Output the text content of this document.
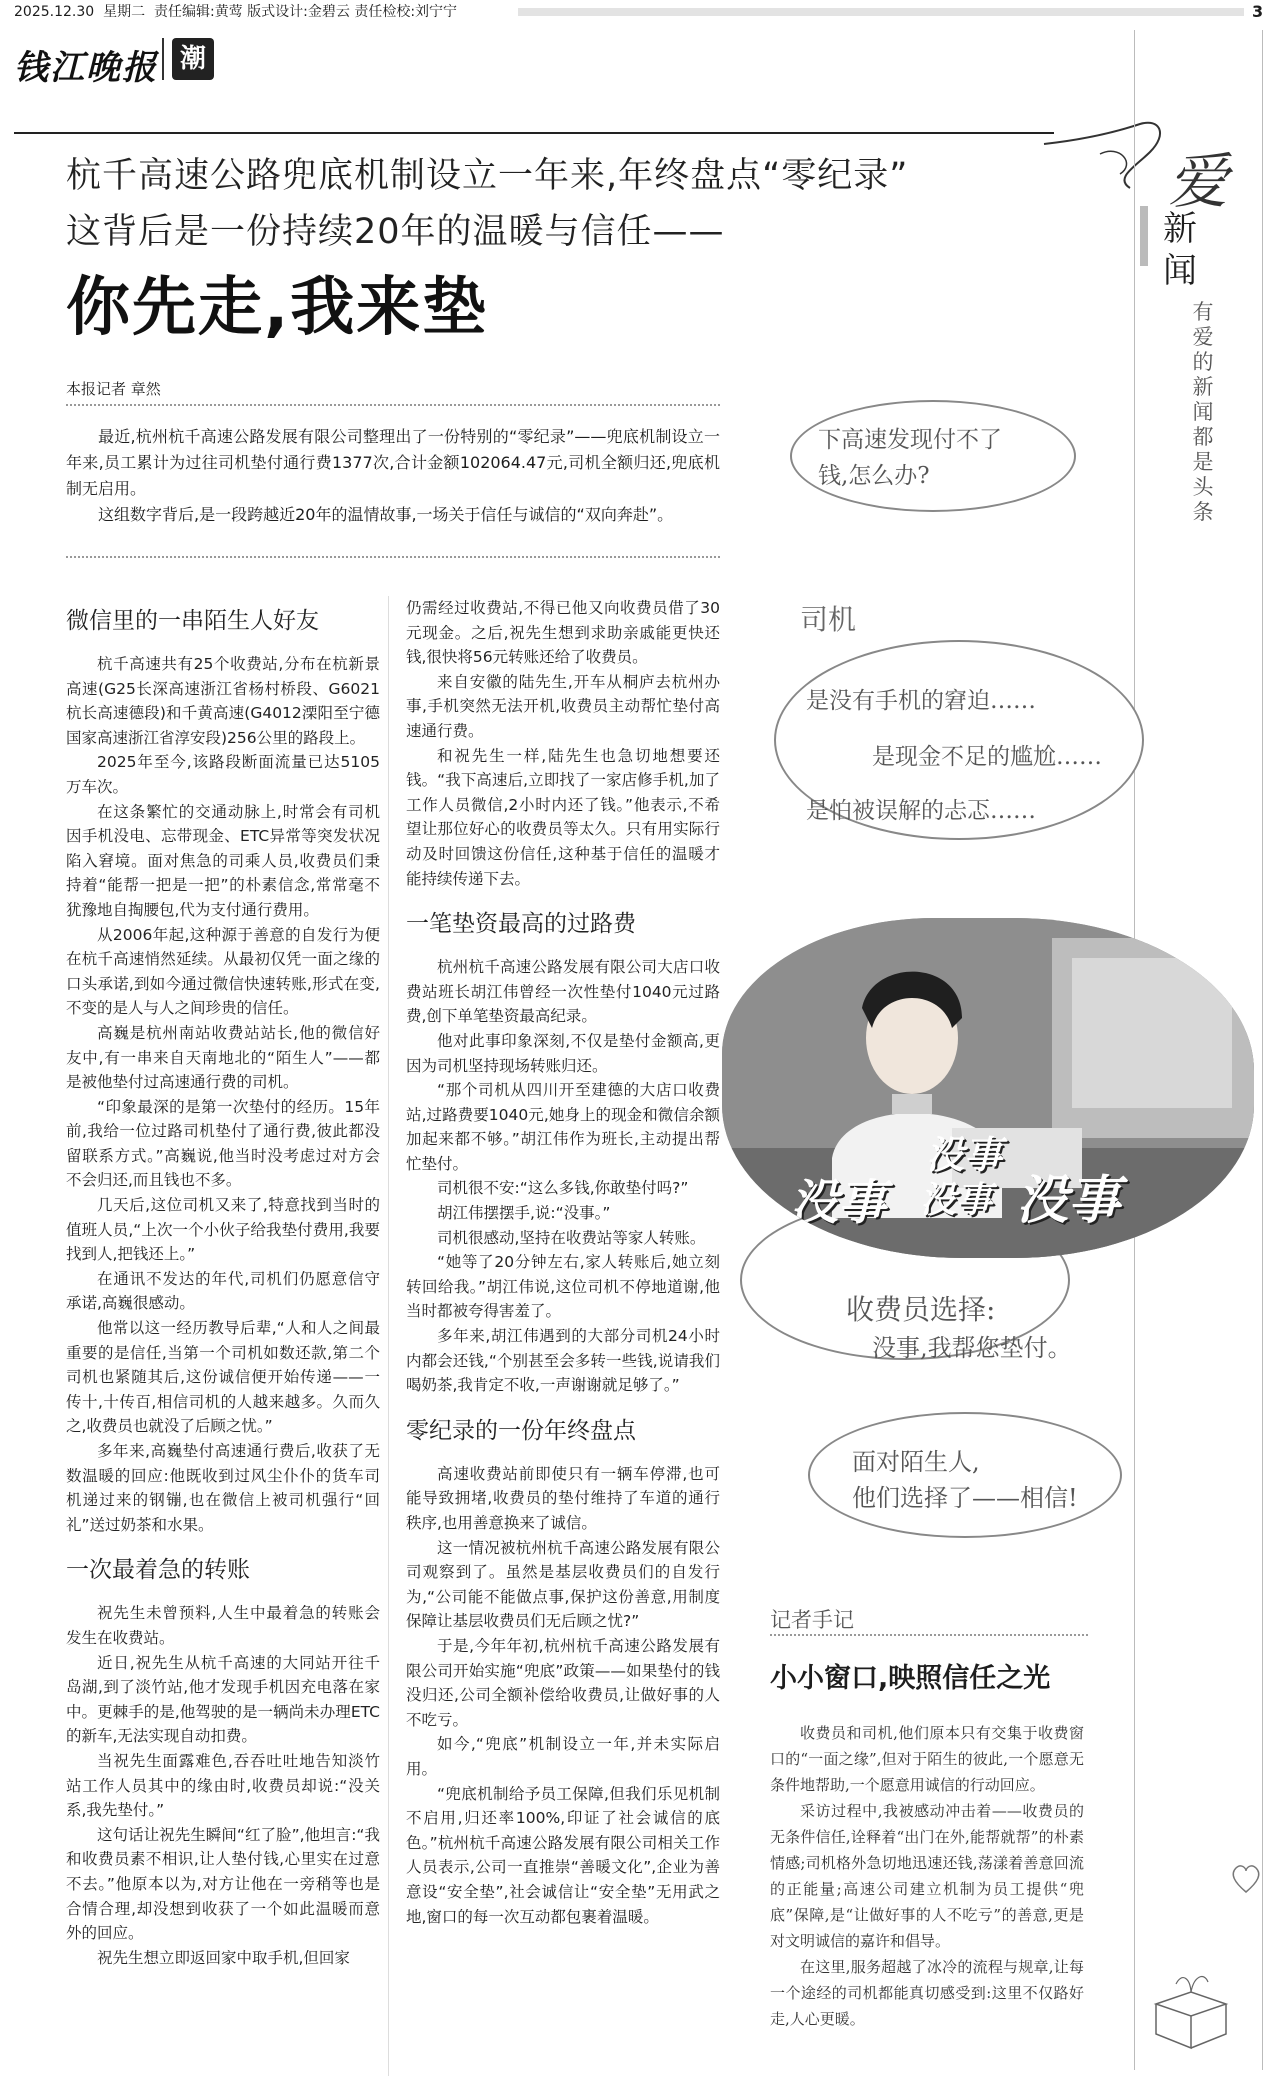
2025.12.30 星期二 责任编辑:黄莺 版式设计:金碧云 责任检校:刘宁宁	3
钱江晚报 潮
爱
新闻
有爱的新闻 都是头条
杭千高速公路兜底机制设立一年来,年终盘点“零纪录”
这背后是一份持续20年的温暖与信任——
你先走,我来垫
本报记者 章然

最近,杭州杭千高速公路发展有限公司整理出了一份特别的“零纪录”——兜底机制设立一年来,员工累计为过往司机垫付通行费1377次,合计金额102064.47元,司机全额归还,兜底机制无启用。

这组数字背后,是一段跨越近20年的温情故事,一场关于信任与诚信的“双向奔赴”。

微信里的一串陌生人好友

杭千高速共有25个收费站,分布在杭新景高速(G25长深高速浙江省杨村桥段、G6021杭长高速德段)和千黄高速(G4012溧阳至宁德国家高速浙江省淳安段)256公里的路段上。

2025年至今,该路段断面流量已达5105万车次。

在这条繁忙的交通动脉上,时常会有司机因手机没电、忘带现金、ETC异常等突发状况陷入窘境。面对焦急的司乘人员,收费员们秉持着“能帮一把是一把”的朴素信念,常常毫不犹豫地自掏腰包,代为支付通行费用。

从2006年起,这种源于善意的自发行为便在杭千高速悄然延续。从最初仅凭一面之缘的口头承诺,到如今通过微信快速转账,形式在变,不变的是人与人之间珍贵的信任。

高巍是杭州南站收费站站长,他的微信好友中,有一串来自天南地北的“陌生人”——都是被他垫付过高速通行费的司机。

“印象最深的是第一次垫付的经历。15年前,我给一位过路司机垫付了通行费,彼此都没留联系方式。”高巍说,他当时没考虑过对方会不会归还,而且钱也不多。

几天后,这位司机又来了,特意找到当时的值班人员,“上次一个小伙子给我垫付费用,我要找到人,把钱还上。”

在通讯不发达的年代,司机们仍愿意信守承诺,高巍很感动。

他常以这一经历教导后辈,“人和人之间最重要的是信任,当第一个司机如数还款,第二个司机也紧随其后,这份诚信便开始传递——一传十,十传百,相信司机的人越来越多。久而久之,收费员也就没了后顾之忧。”

多年来,高巍垫付高速通行费后,收获了无数温暖的回应:他既收到过风尘仆仆的货车司机递过来的钢镚,也在微信上被司机强行“回礼”送过奶茶和水果。

一次最着急的转账

祝先生未曾预料,人生中最着急的转账会发生在收费站。

近日,祝先生从杭千高速的大同站开往千岛湖,到了淡竹站,他才发现手机因充电落在家中。更棘手的是,他驾驶的是一辆尚未办理ETC的新车,无法实现自动扣费。

当祝先生面露难色,吞吞吐吐地告知淡竹站工作人员其中的缘由时,收费员却说:“没关系,我先垫付。”

这句话让祝先生瞬间“红了脸”,他坦言:“我和收费员素不相识,让人垫付钱,心里实在过意不去。”他原本以为,对方让他在一旁稍等也是合情合理,却没想到收获了一个如此温暖而意外的回应。

祝先生想立即返回家中取手机,但回家

仍需经过收费站,不得已他又向收费员借了30元现金。之后,祝先生想到求助亲戚能更快还钱,很快将56元转账还给了收费员。

来自安徽的陆先生,开车从桐庐去杭州办事,手机突然无法开机,收费员主动帮忙垫付高速通行费。

和祝先生一样,陆先生也急切地想要还钱。“我下高速后,立即找了一家店修手机,加了工作人员微信,2小时内还了钱。”他表示,不希望让那位好心的收费员等太久。只有用实际行动及时回馈这份信任,这种基于信任的温暖才能持续传递下去。

一笔垫资最高的过路费

杭州杭千高速公路发展有限公司大店口收费站班长胡江伟曾经一次性垫付1040元过路费,创下单笔垫资最高纪录。

他对此事印象深刻,不仅是垫付金额高,更因为司机坚持现场转账归还。

“那个司机从四川开至建德的大店口收费站,过路费要1040元,她身上的现金和微信余额加起来都不够。”胡江伟作为班长,主动提出帮忙垫付。

司机很不安:“这么多钱,你敢垫付吗?”

胡江伟摆摆手,说:“没事。”

司机很感动,坚持在收费站等家人转账。

“她等了20分钟左右,家人转账后,她立刻转回给我。”胡江伟说,这位司机不停地道谢,他当时都被夸得害羞了。

多年来,胡江伟遇到的大部分司机24小时内都会还钱,“个别甚至会多转一些钱,说请我们喝奶茶,我肯定不收,一声谢谢就足够了。”

零纪录的一份年终盘点

高速收费站前即使只有一辆车停滞,也可能导致拥堵,收费员的垫付维持了车道的通行秩序,也用善意换来了诚信。

这一情况被杭州杭千高速公路发展有限公司观察到了。虽然是基层收费员们的自发行为,“公司能不能做点事,保护这份善意,用制度保障让基层收费员们无后顾之忧?”

于是,今年年初,杭州杭千高速公路发展有限公司开始实施“兜底”政策——如果垫付的钱没归还,公司全额补偿给收费员,让做好事的人不吃亏。

如今,“兜底”机制设立一年,并未实际启用。

“兜底机制给予员工保障,但我们乐见机制不启用,归还率100%,印证了社会诚信的底色。”杭州杭千高速公路发展有限公司相关工作人员表示,公司一直推崇“善暖文化”,企业为善意设“安全垫”,社会诚信让“安全垫”无用武之地,窗口的每一次互动都包裹着温暖。

下高速发现付不了
钱,怎么办?
是没有手机的窘迫……
是现金不足的尴尬……
是怕被误解的忐忑……
司机
收费员选择:
没事,我帮您垫付。
没事
没事 没事 没事
AI制图
面对陌生人,
他们选择了——相信!
记者手记
小小窗口,映照信任之光

收费员和司机,他们原本只有交集于收费窗口的“一面之缘”,但对于陌生的彼此,一个愿意无条件地帮助,一个愿意用诚信的行动回应。

采访过程中,我被感动冲击着——收费员的无条件信任,诠释着“出门在外,能帮就帮”的朴素情感;司机格外急切地迅速还钱,荡漾着善意回流的正能量;高速公司建立机制为员工提供“兜底”保障,是“让做好事的人不吃亏”的善意,更是对文明诚信的嘉许和倡导。

在这里,服务超越了冰冷的流程与规章,让每一个途经的司机都能真切感受到:这里不仅路好走,人心更暖。
